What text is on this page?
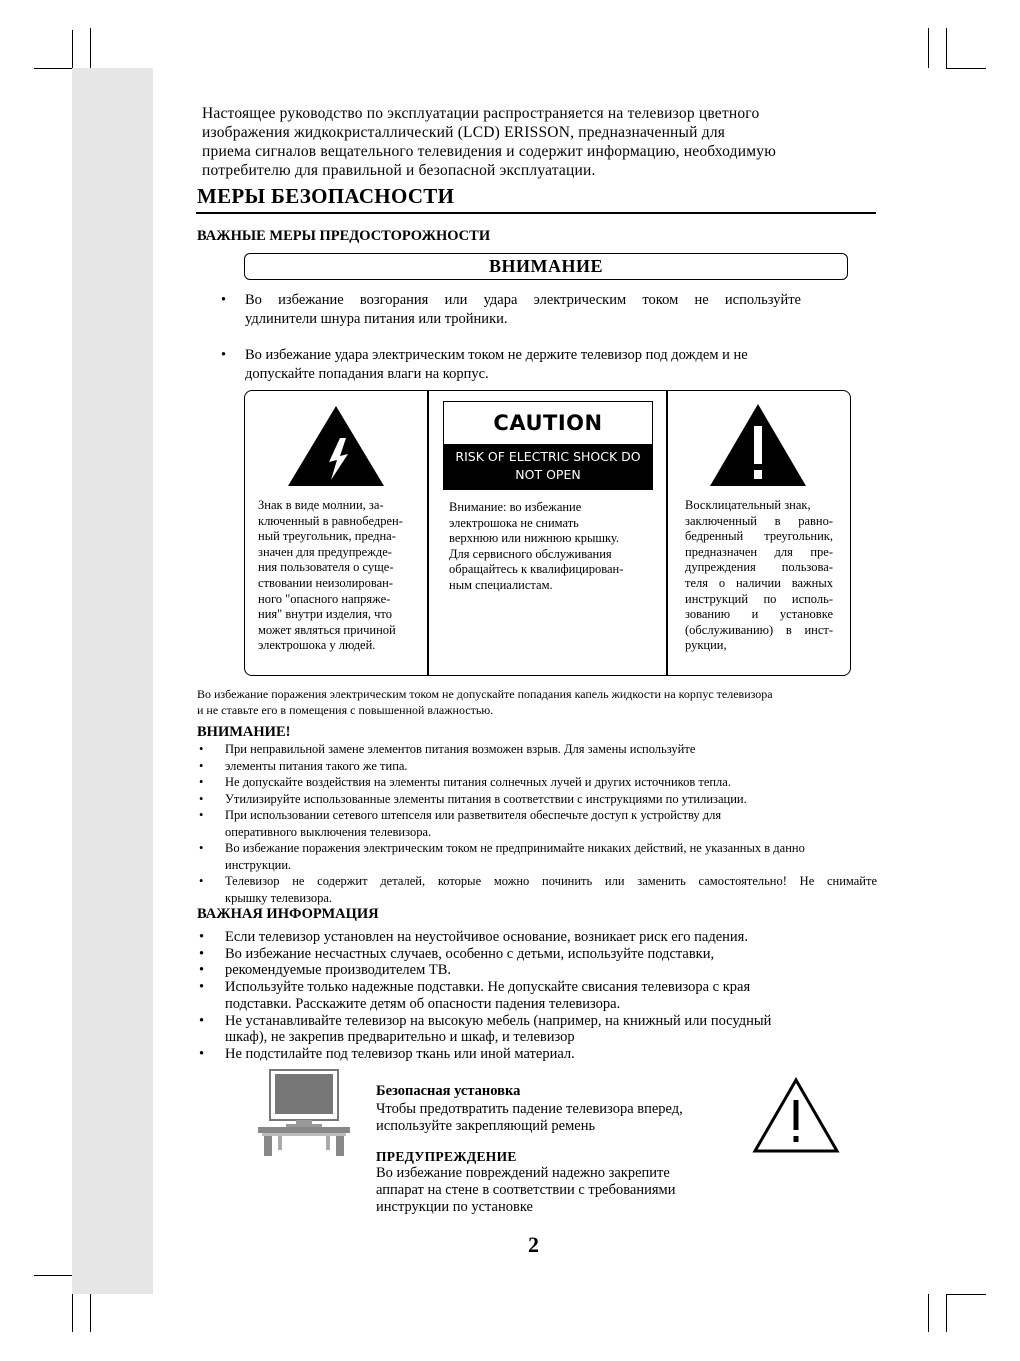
Настоящее руководство по эксплуатации распространяется на телевизор цветного
изображения жидкокристаллический (LCD) ERISSON, предназначенный для
приема сигналов вещательного телевидения и содержит информацию, необходимую
потребителю для правильной и безопасной эксплуатации.
МЕРЫ БЕЗОПАСНОСТИ
ВАЖНЫЕ МЕРЫ ПРЕДОСТОРОЖНОСТИ
ВНИМАНИЕ
• Во избежание возгорания или удара электрическим током не используйте
удлинители шнура питания или тройники.
• Во избежание удара электрическим током не держите телевизор под дождем и не
допускайте попадания влаги на корпус.
CAUTION
RISK OF ELECTRIC SHOCK DO
NOT OPEN
Знак в виде молнии, за-
ключенный в равнобедрен-
ный треугольник, предна-
значен для предупрежде-
ния пользователя о суще-
ствовании неизолирован-
ного "опасного напряже-
ния" внутри изделия, что
может являться причиной
электрошока у людей.
Внимание: во избежание
электрошока не снимать
верхнюю или нижнюю крышку.
Для сервисного обслуживания
обращайтесь к квалифицирован-
ным специалистам.
Восклицательный знак,
заключенный в равно-
бедренный треугольник,
предназначен для пре-
дупреждения пользова-
теля о наличии важных
инструкций по исполь-
зованию и установке
(обслуживанию) в инст-
рукции,
Во избежание поражения электрическим током не допускайте попадания капель жидкости на корпус телевизора
и не ставьте его в помещения с повышенной влажностью.
ВНИМАНИЕ!
• При неправильной замене элементов питания возможен взрыв. Для замены используйте
• элементы питания такого же типа.
• Не допускайте воздействия на элементы питания солнечных лучей и других источников тепла.
• Утилизируйте использованные элементы питания в соответствии с инструкциями по утилизации.
• При использовании сетевого штепселя или разветвителя обеспечьте доступ к устройству для
оперативного выключения телевизора.
• Во избежание поражения электрическим током не предпринимайте никаких действий, не указанных в данно
инструкции.
• Телевизор не содержит деталей, которые можно починить или заменить самостоятельно! Не снимайте
крышку телевизора.
ВАЖНАЯ ИНФОРМАЦИЯ
• Если телевизор установлен на неустойчивое основание, возникает риск его падения.
• Во избежание несчастных случаев, особенно с детьми, используйте подставки,
• рекомендуемые производителем ТВ.
• Используйте только надежные подставки. Не допускайте свисания телевизора с края
подставки. Расскажите детям об опасности падения телевизора.
• Не устанавливайте телевизор на высокую мебель (например, на книжный или посудный
шкаф), не закрепив предварительно и шкаф, и телевизор
• Не подстилайте под телевизор ткань или иной материал.
Безопасная установка
Чтобы предотвратить падение телевизора вперед,
используйте закрепляющий ремень
ПРЕДУПРЕЖДЕНИЕ
Во избежание повреждений надежно закрепите
аппарат на стене в соответствии с требованиями
инструкции по установке
2
